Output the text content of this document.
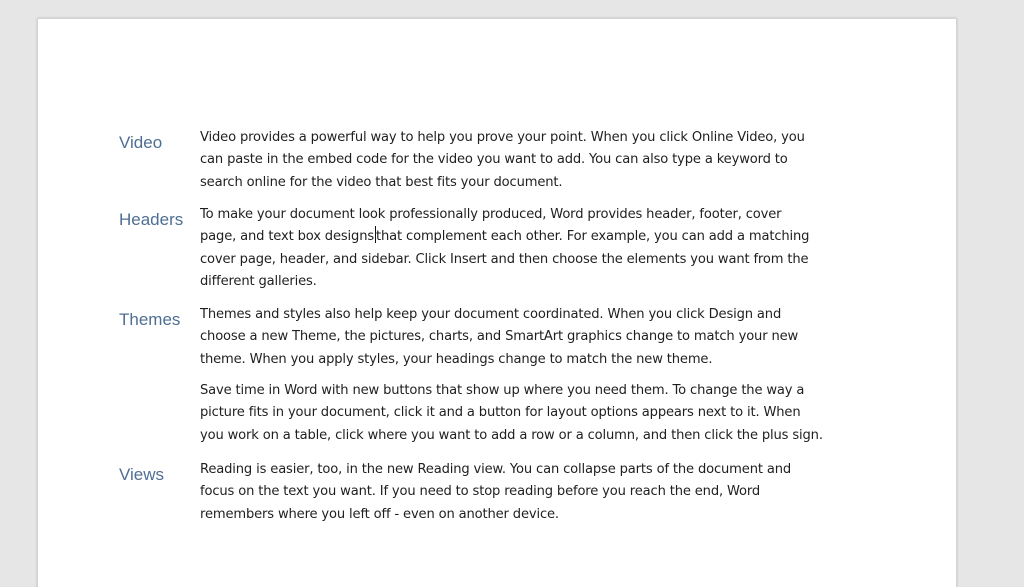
Video	Video provides a powerful way to help you prove your point. When you click Online Video, you
can paste in the embed code for the video you want to add. You can also type a keyword to
search online for the video that best fits your document.
Headers To make your document look professionally produced, Word provides header, footer, cover
page, and text box designs that complement each other. For example, you can add a matching
cover page, header, and sidebar. Click Insert and then choose the elements you want from the
different galleries.
Themes Themes and styles also help keep your document coordinated. When you click Design and
choose a new Theme, the pictures, charts, and SmartArt graphics change to match your new
theme. When you apply styles, your headings change to match the new theme.
Save time in Word with new buttons that show up where you need them. To change the way a
picture fits in your document, click it and a button for layout options appears next to it. When
you work on a table, click where you want to add a row or a column, and then click the plus sign.
Views	Reading is easier, too, in the new Reading view. You can collapse parts of the document and
focus on the text you want. If you need to stop reading before you reach the end, Word
remembers where you left off - even on another device.
